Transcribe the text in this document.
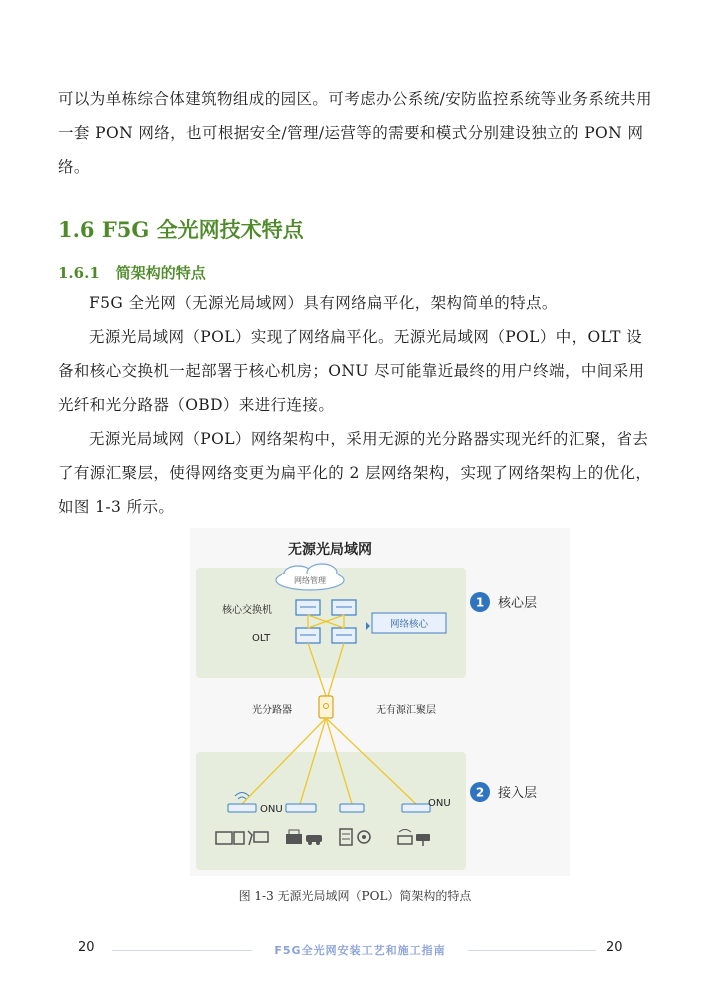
可以为单栋综合体建筑物组成的园区。可考虑办公系统/安防监控系统等业务系统共用一套 PON 网络，也可根据安全/管理/运营等的需要和模式分别建设独立的 PON 网络。

1.6 F5G 全光网技术特点
1.6.1 简架构的特点

F5G 全光网（无源光局域网）具有网络扁平化，架构简单的特点。

无源光局域网（POL）实现了网络扁平化。无源光局域网（POL）中，OLT 设备和核心交换机一起部署于核心机房；ONU 尽可能靠近最终的用户终端，中间采用光纤和光分路器（OBD）来进行连接。

无源光局域网（POL）网络架构中，采用无源的光分路器实现光纤的汇聚，省去了有源汇聚层，使得网络变更为扁平化的 2 层网络架构，实现了网络架构上的优化，如图 1-3 所示。

无源光局域网
网络管理
核心交换机
OLT
网络核心
1 核心层
光分路器	无有源汇聚层
ONU
ONU
2 接入层
图 1-3 无源光局域网（POL）简架构的特点
20	F5G全光网安装工艺和施工指南	20
